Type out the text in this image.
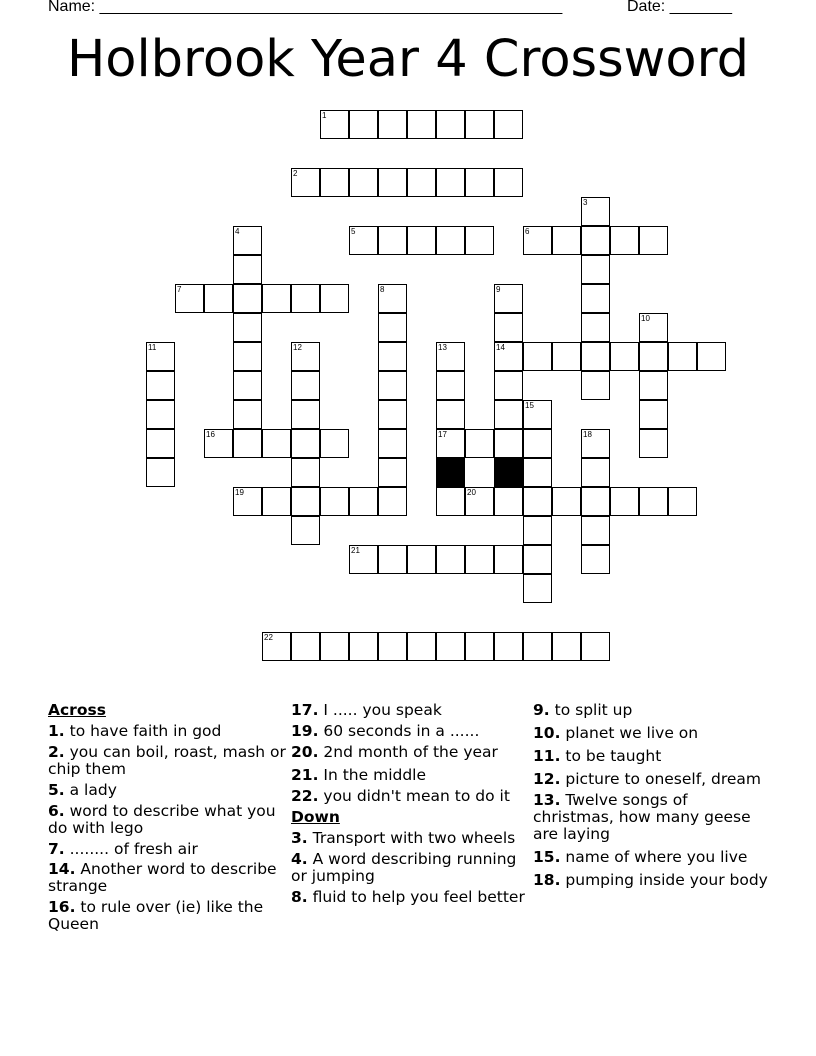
Name: ____________________________________________________	Date: _______
Holbrook Year 4 Crossword
1
2
3
4	5	6
7	8	9
14
10
11	12	13
17
15
16	18
19	20
21
22
Across
1. to have faith in god
2. you can boil, roast, mash or chip them
5. a lady
6. word to describe what you do with lego
7. ........ of fresh air
14. Another word to describe strange
16. to rule over (ie) like the Queen
17. I ..... you speak
19. 60 seconds in a ......
20. 2nd month of the year
21. In the middle
22. you didn't mean to do it
Down
3. Transport with two wheels
4. A word describing running or jumping
8. fluid to help you feel better
9. to split up
10. planet we live on
11. to be taught
12. picture to oneself, dream
13. Twelve songs of christmas, how many geese are laying
15. name of where you live
18. pumping inside your body
